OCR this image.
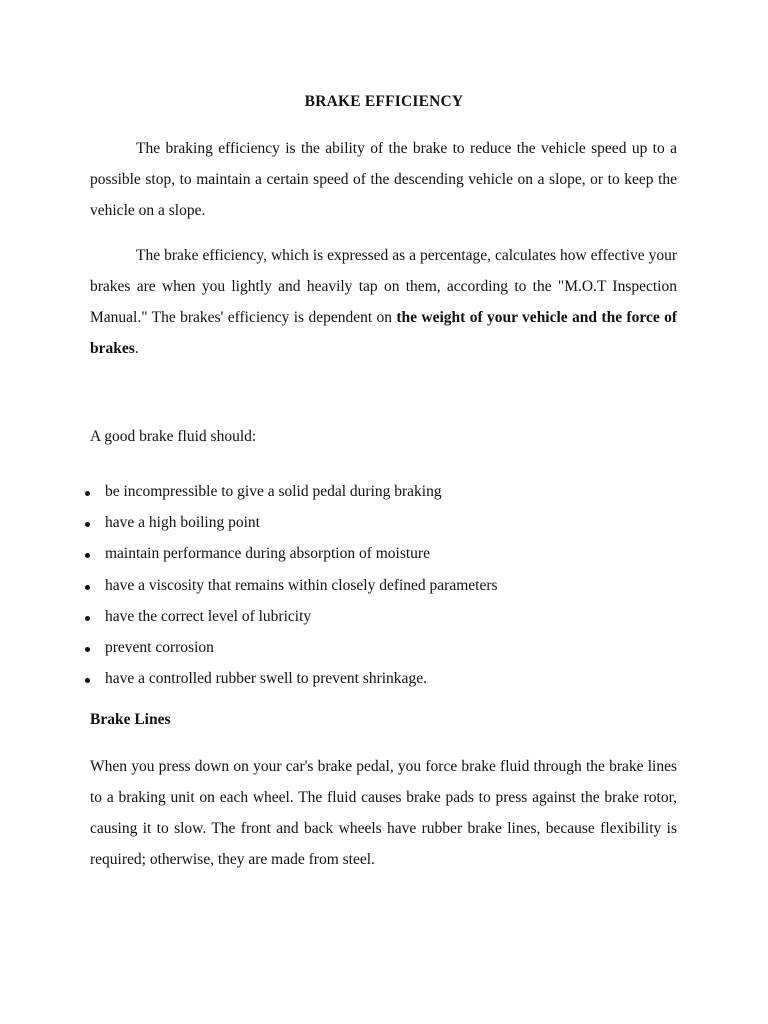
BRAKE EFFICIENCY

The braking efficiency is the ability of the brake to reduce the vehicle speed up to a possible stop, to maintain a certain speed of the descending vehicle on a slope, or to keep the vehicle on a slope.

The brake efficiency, which is expressed as a percentage, calculates how effective your brakes are when you lightly and heavily tap on them, according to the "M.O.T Inspection Manual." The brakes' efficiency is dependent on the weight of your vehicle and the force of brakes.

A good brake fluid should:

be incompressible to give a solid pedal during braking
have a high boiling point
maintain performance during absorption of moisture
have a viscosity that remains within closely defined parameters
have the correct level of lubricity
prevent corrosion
have a controlled rubber swell to prevent shrinkage.

Brake Lines

When you press down on your car's brake pedal, you force brake fluid through the brake lines to a braking unit on each wheel. The fluid causes brake pads to press against the brake rotor, causing it to slow. The front and back wheels have rubber brake lines, because flexibility is required; otherwise, they are made from steel.
